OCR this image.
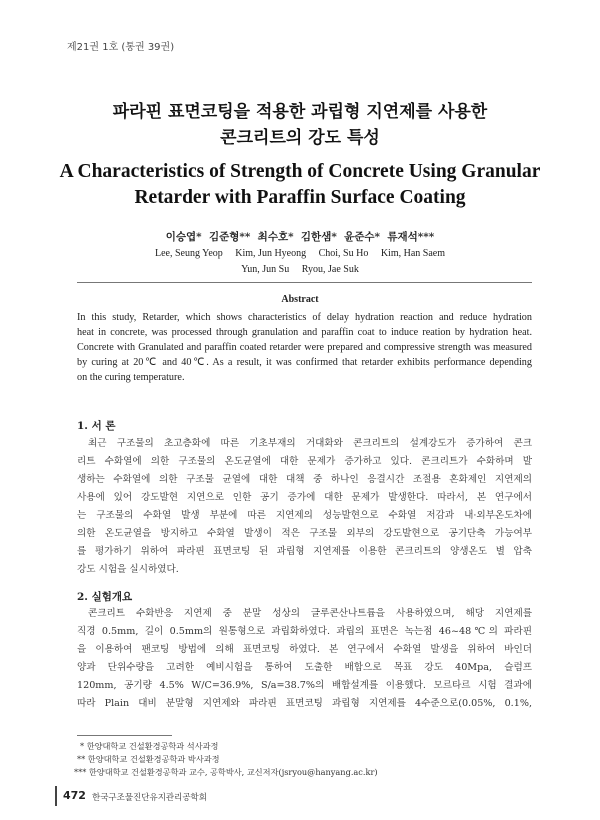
제21권 1호 (통권 39권)
파라핀 표면코팅을 적용한 과립형 지연제를 사용한
콘크리트의 강도 특성
A Characteristics of Strength of Concrete Using Granular
Retarder with Paraffin Surface Coating
이승엽*  김준형**  최수호*  김한샘*  윤준수*  류재석***
Lee, Seung Yeop     Kim, Jun Hyeong     Choi, Su Ho     Kim, Han Saem
Yun, Jun Su     Ryou, Jae Suk
Abstract
In this study, Retarder, which shows characteristics of delay hydration reaction and reduce hydration
heat in concrete, was processed through granulation and paraffin coat to induce reation by hydration heat.
Concrete with Granulated and paraffin coated retarder were prepared and compressive strength was measured
by curing at 20℃ and 40℃. As a result, it was confirmed that retarder exhibits performance depending
on the curing temperature.
1. 서 론
최근 구조물의 초고층화에 따른 기초부재의 거대화와 콘크리트의 설계강도가 증가하여 콘크
리트 수화열에 의한 구조물의 온도균열에 대한 문제가 증가하고 있다. 콘크리트가 수화하며 발
생하는 수화열에 의한 구조물 균열에 대한 대책 중 하나인 응결시간 조절용 혼화제인 지연제의
사용에 있어 강도발현 지연으로 인한 공기 증가에 대한 문제가 발생한다. 따라서, 본 연구에서
는 구조물의 수화열 발생 부분에 따른 지연제의 성능발현으로 수화열 저감과 내·외부온도차에
의한 온도균열을 방지하고 수화열 발생이 적은 구조물 외부의 강도발현으로 공기단축 가능여부
를 평가하기 위하여 파라핀 표면코팅 된 과립형 지연제를 이용한 콘크리트의 양생온도 별 압축
강도 시험을 실시하였다.
2. 실험개요
콘크리트 수화반응 지연제 중 분말 성상의 글루콘산나트륨을 사용하였으며, 해당 지연제를
직경 0.5mm, 길이 0.5mm의 원통형으로 과립화하였다. 과립의 표면은 녹는점 46~48℃의 파라핀
을 이용하여 팬코팅 방법에 의해 표면코팅 하였다. 본 연구에서 수화열 발생을 위하여 바인더
양과 단위수량을 고려한 예비시험을 통하여 도출한 배합으로 목표 강도 40Mpa, 슬럼프
120mm, 공기량 4.5% W/C=36.9%, S/a=38.7%의 배합설계를 이용했다. 모르타르 시험 결과에
따라 Plain 대비 분말형 지연제와 파라핀 표면코팅 과립형 지연제를 4수준으로(0.05%, 0.1%,
* 한양대학교 건설환경공학과 석사과정
** 한양대학교 건설환경공학과 박사과정
*** 한양대학교 건설환경공학과 교수, 공학박사, 교신저자(jsryou@hanyang.ac.kr)
472 한국구조물진단유지관리공학회
